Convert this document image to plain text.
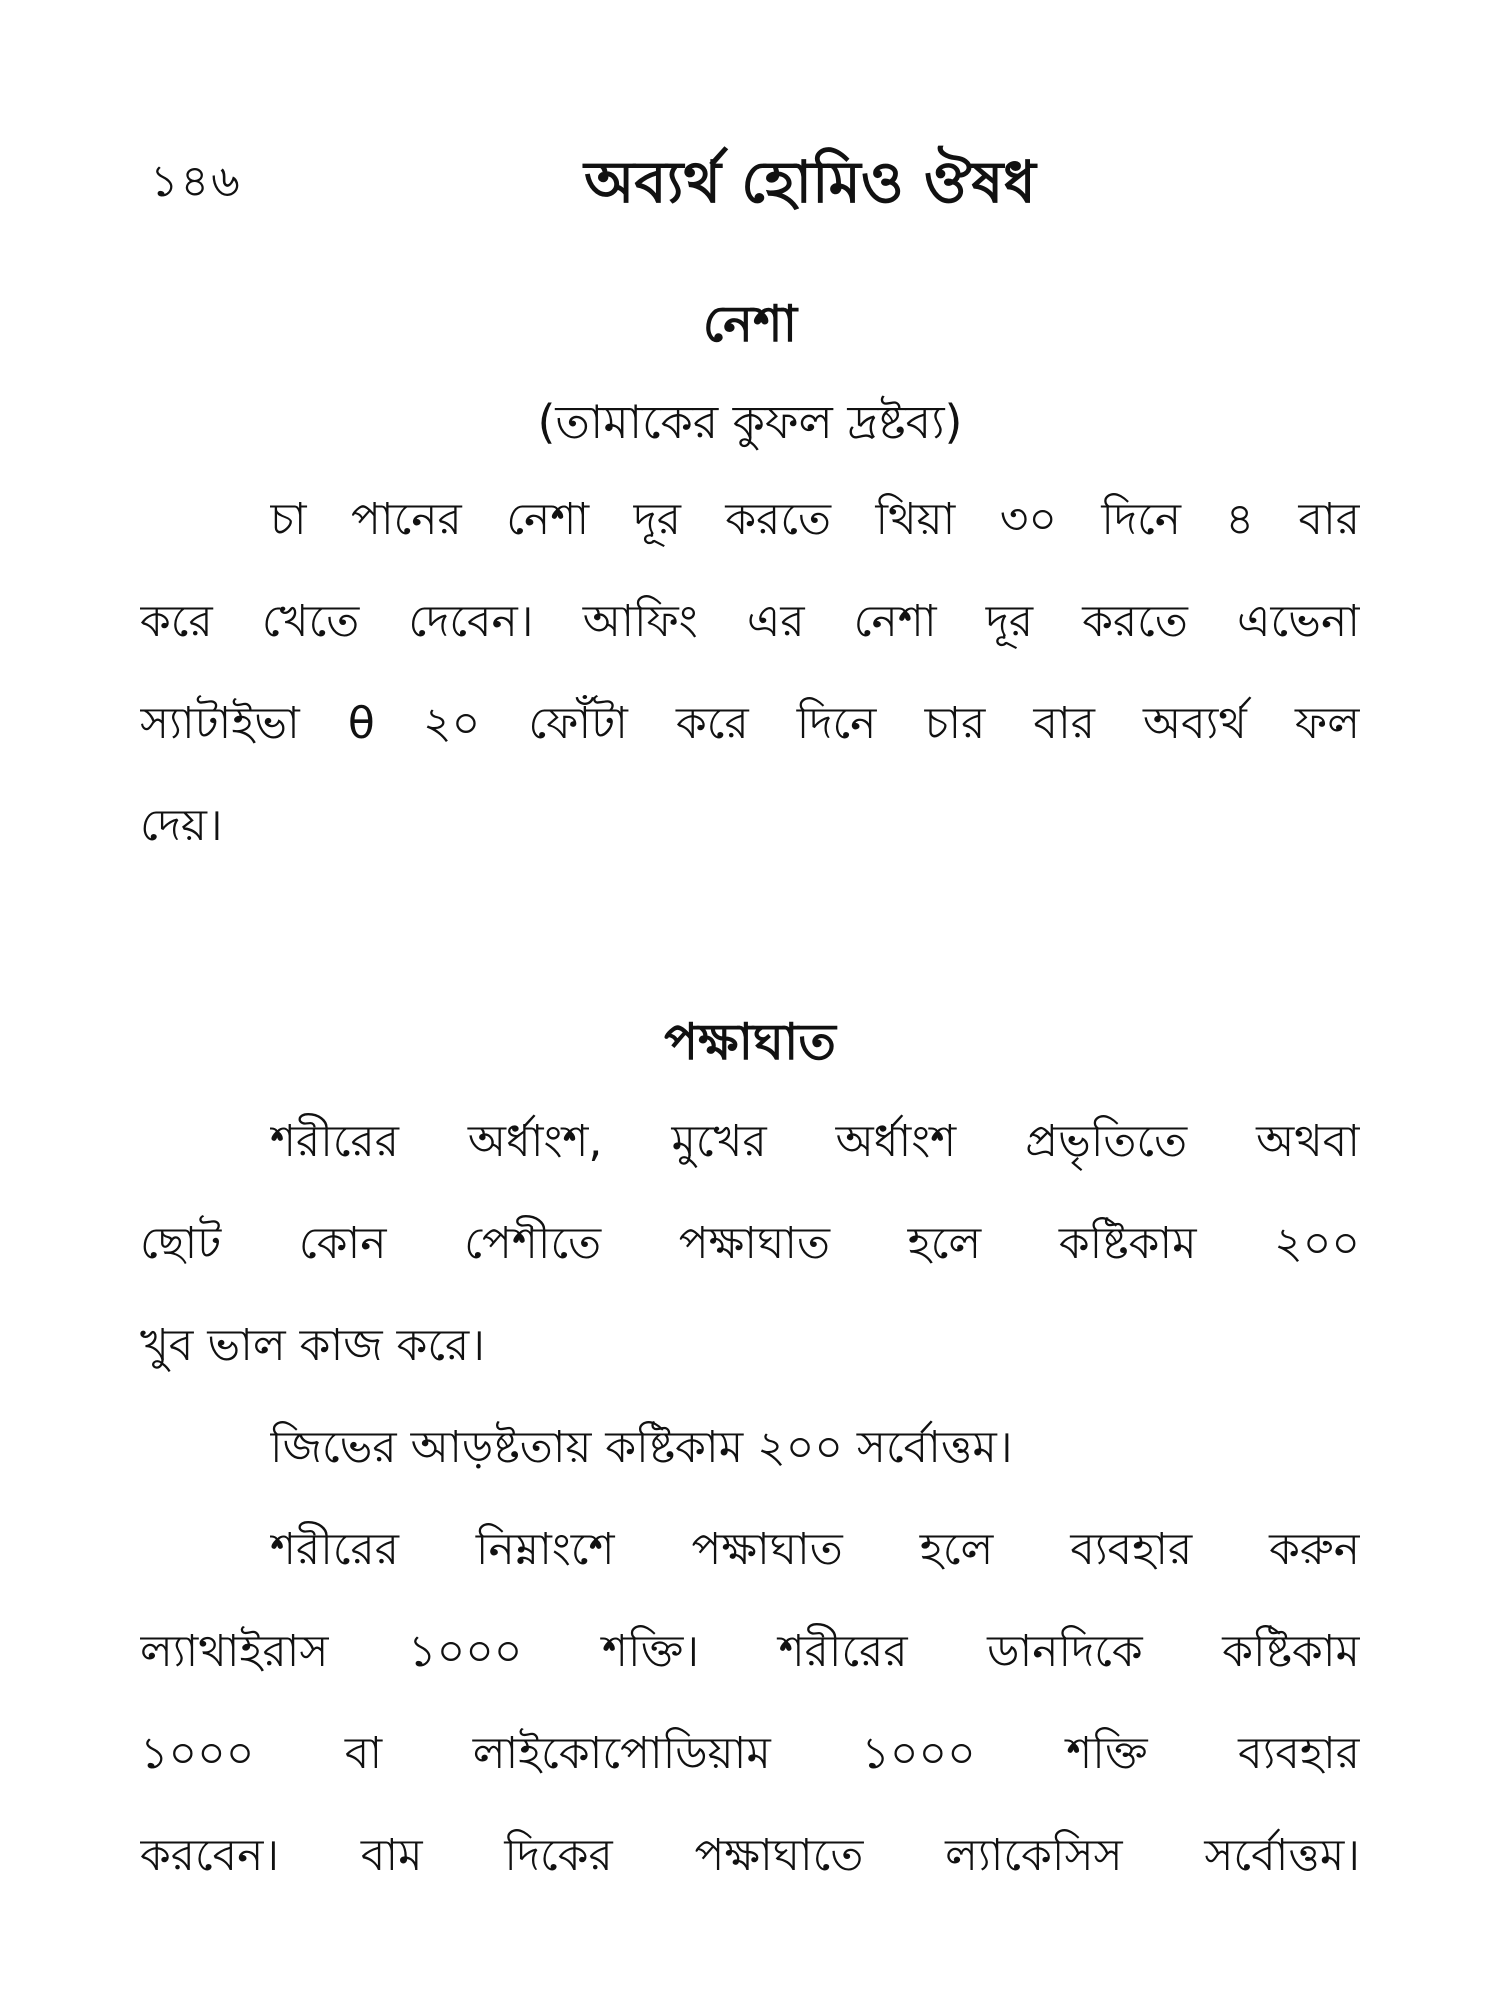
১৪৬	অব্যর্থ হোমিও ঔষধ
নেশা
(তামাকের কুফল দ্রষ্টব্য)
চা পানের নেশা দূর করতে থিয়া ৩০ দিনে ৪ বার
করে খেতে দেবেন। আফিং এর নেশা দূর করতে এভেনা
স্যাটাইভা θ ২০ ফোঁটা করে দিনে চার বার অব্যর্থ ফল
দেয়।
পক্ষাঘাত
শরীরের অর্ধাংশ, মুখের অর্ধাংশ প্রভৃতিতে অথবা
ছোট কোন পেশীতে পক্ষাঘাত হলে কষ্টিকাম ২০০
খুব ভাল কাজ করে।
জিভের আড়ষ্টতায় কষ্টিকাম ২০০ সর্বোত্তম।
শরীরের নিম্নাংশে পক্ষাঘাত হলে ব্যবহার করুন
ল্যাথাইরাস ১০০০ শক্তি। শরীরের ডানদিকে কষ্টিকাম
১০০০ বা লাইকোপোডিয়াম ১০০০ শক্তি ব্যবহার
করবেন। বাম দিকের পক্ষাঘাতে ল্যাকেসিস সর্বোত্তম।
